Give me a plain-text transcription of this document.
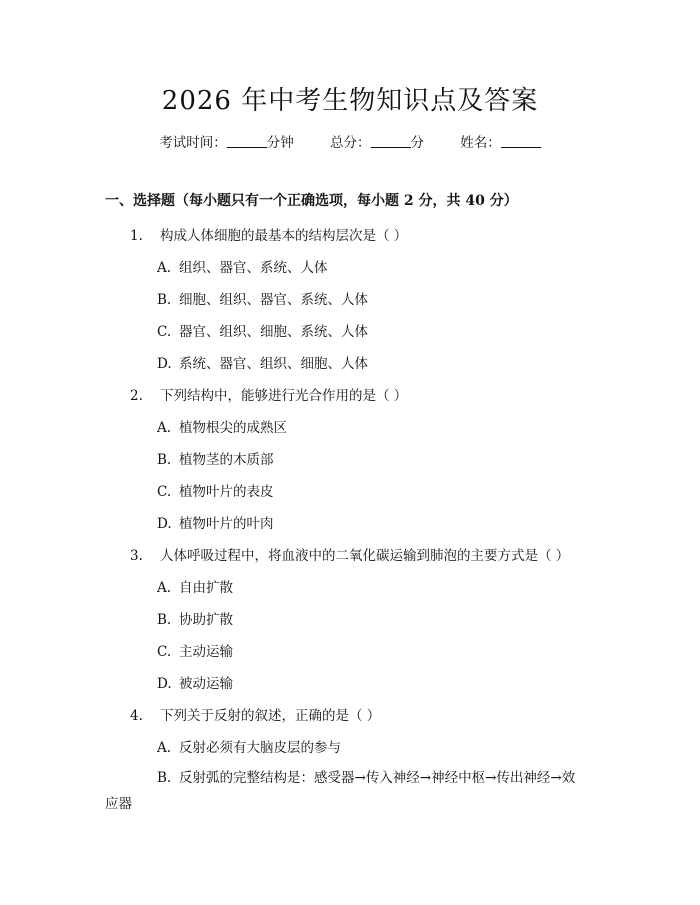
2026 年中考生物知识点及答案
考试时间：	分钟	总分：	分	姓名：
一、选择题（每小题只有一个正确选项，每小题 2 分，共 40 分）
1. 构成人体细胞的最基本的结构层次是（ ）
A. 组织、器官、系统、人体
B. 细胞、组织、器官、系统、人体
C. 器官、组织、细胞、系统、人体
D. 系统、器官、组织、细胞、人体
2. 下列结构中，能够进行光合作用的是（ ）
A. 植物根尖的成熟区
B. 植物茎的木质部
C. 植物叶片的表皮
D. 植物叶片的叶肉
3. 人体呼吸过程中，将血液中的二氧化碳运输到肺泡的主要方式是（ ）
A. 自由扩散
B. 协助扩散
C. 主动运输
D. 被动运输
4. 下列关于反射的叙述，正确的是（ ）
A. 反射必须有大脑皮层的参与
B. 反射弧的完整结构是：感受器→传入神经→神经中枢→传出神经→效
应器
